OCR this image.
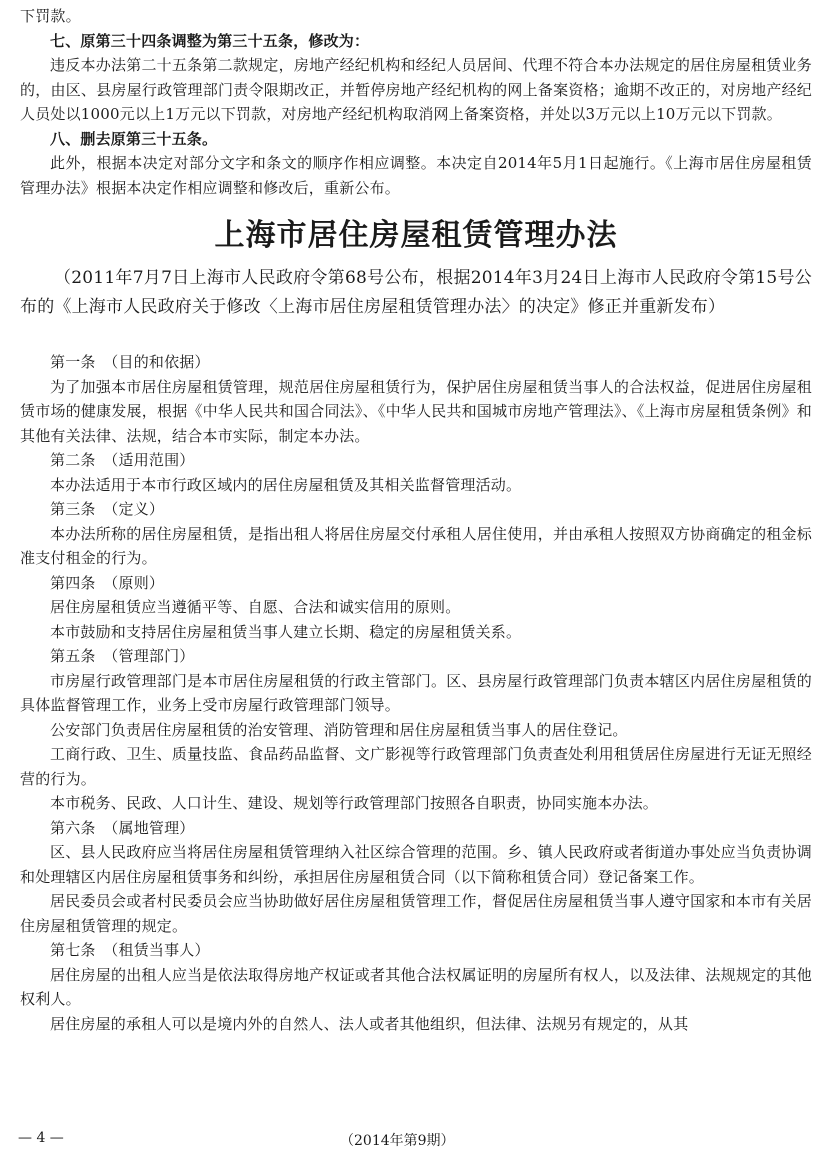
下罚款。

七、原第三十四条调整为第三十五条，修改为：

违反本办法第二十五条第二款规定，房地产经纪机构和经纪人员居间、代理不符合本办法规定的居住房屋租赁业务的，由区、县房屋行政管理部门责令限期改正，并暂停房地产经纪机构的网上备案资格；逾期不改正的，对房地产经纪人员处以1000元以上1万元以下罚款，对房地产经纪机构取消网上备案资格，并处以3万元以上10万元以下罚款。

八、删去原第三十五条。

此外，根据本决定对部分文字和条文的顺序作相应调整。本决定自2014年5月1日起施行。《上海市居住房屋租赁管理办法》根据本决定作相应调整和修改后，重新公布。

上海市居住房屋租赁管理办法

（2011年7月7日上海市人民政府令第68号公布，根据2014年3月24日上海市人民政府令第15号公布的《上海市人民政府关于修改〈上海市居住房屋租赁管理办法〉的决定》修正并重新发布）

第一条　（目的和依据）

为了加强本市居住房屋租赁管理，规范居住房屋租赁行为，保护居住房屋租赁当事人的合法权益，促进居住房屋租赁市场的健康发展，根据《中华人民共和国合同法》、《中华人民共和国城市房地产管理法》、《上海市房屋租赁条例》和其他有关法律、法规，结合本市实际，制定本办法。

第二条　（适用范围）

本办法适用于本市行政区域内的居住房屋租赁及其相关监督管理活动。

第三条　（定义）

本办法所称的居住房屋租赁，是指出租人将居住房屋交付承租人居住使用，并由承租人按照双方协商确定的租金标准支付租金的行为。

第四条　（原则）

居住房屋租赁应当遵循平等、自愿、合法和诚实信用的原则。

本市鼓励和支持居住房屋租赁当事人建立长期、稳定的房屋租赁关系。

第五条　（管理部门）

市房屋行政管理部门是本市居住房屋租赁的行政主管部门。区、县房屋行政管理部门负责本辖区内居住房屋租赁的具体监督管理工作，业务上受市房屋行政管理部门领导。

公安部门负责居住房屋租赁的治安管理、消防管理和居住房屋租赁当事人的居住登记。

工商行政、卫生、质量技监、食品药品监督、文广影视等行政管理部门负责查处利用租赁居住房屋进行无证无照经营的行为。

本市税务、民政、人口计生、建设、规划等行政管理部门按照各自职责，协同实施本办法。

第六条　（属地管理）

区、县人民政府应当将居住房屋租赁管理纳入社区综合管理的范围。乡、镇人民政府或者街道办事处应当负责协调和处理辖区内居住房屋租赁事务和纠纷，承担居住房屋租赁合同（以下简称租赁合同）登记备案工作。

居民委员会或者村民委员会应当协助做好居住房屋租赁管理工作，督促居住房屋租赁当事人遵守国家和本市有关居住房屋租赁管理的规定。

第七条　（租赁当事人）

居住房屋的出租人应当是依法取得房地产权证或者其他合法权属证明的房屋所有权人，以及法律、法规规定的其他权利人。

居住房屋的承租人可以是境内外的自然人、法人或者其他组织，但法律、法规另有规定的，从其

— 4 —	（2014年第9期）
